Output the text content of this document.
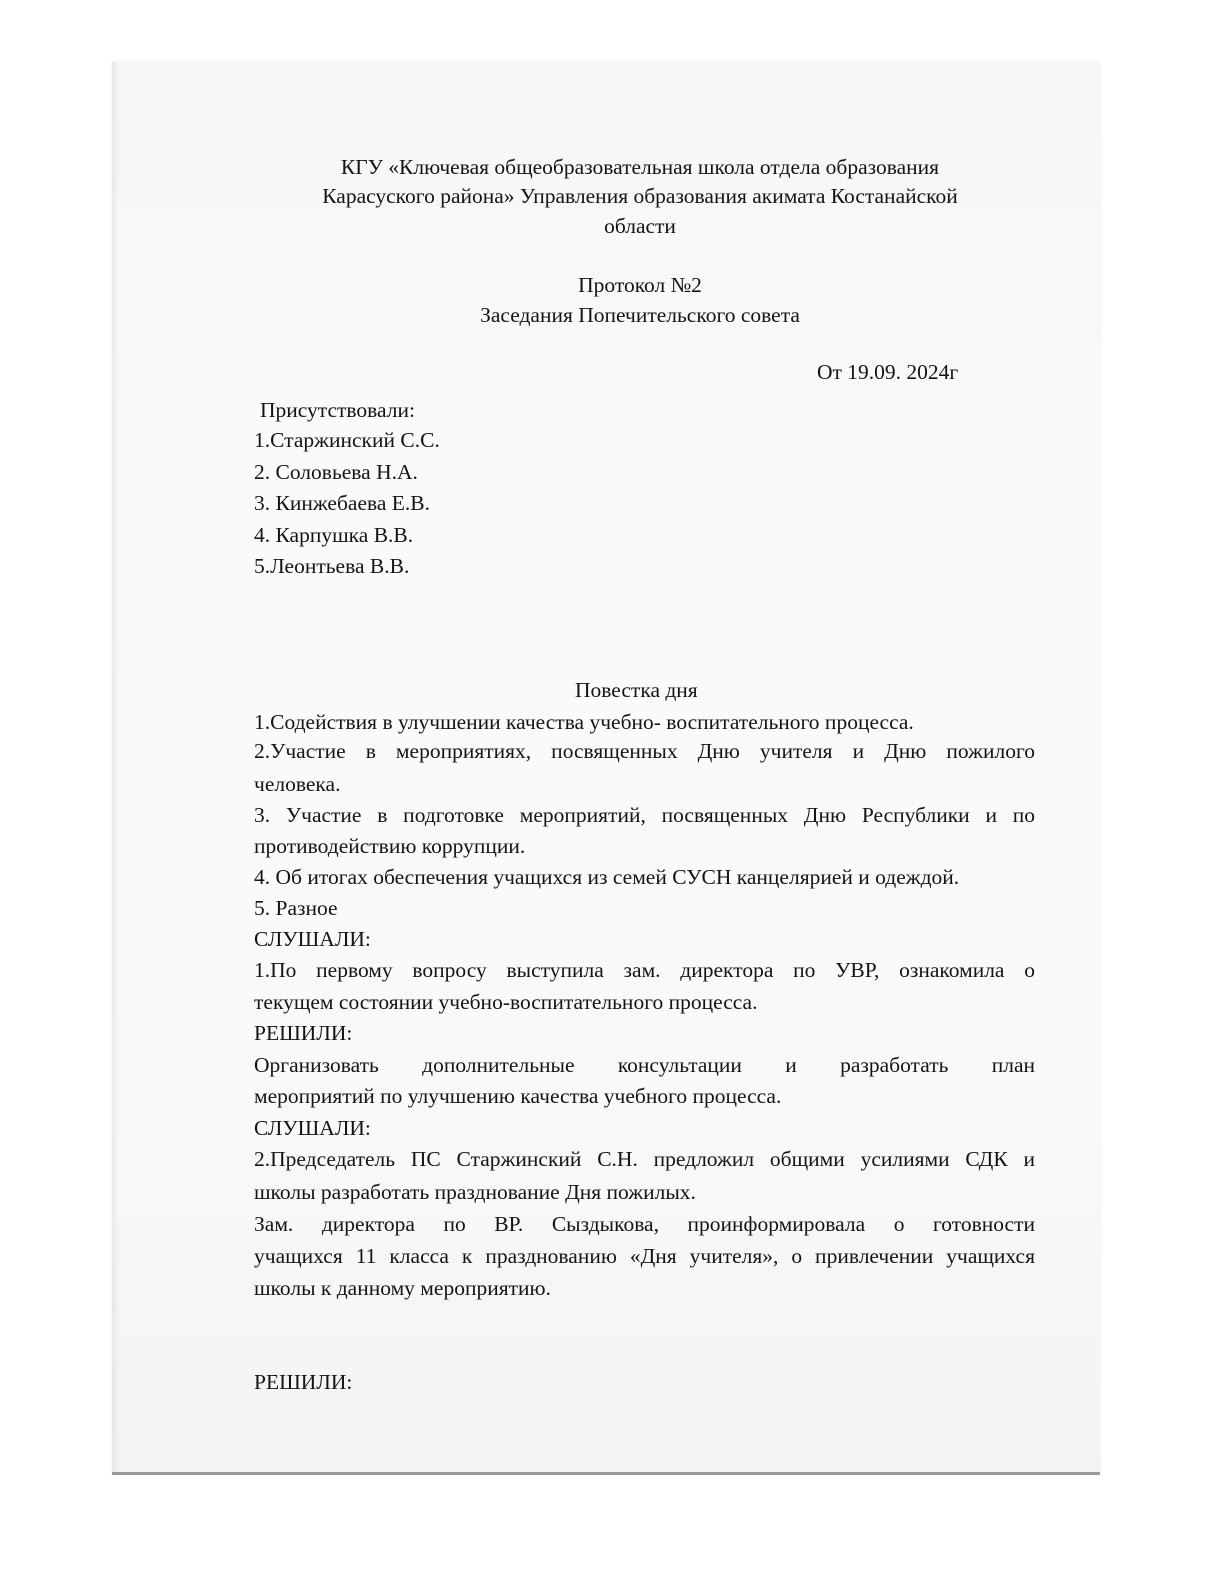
КГУ «Ключевая общеобразовательная школа отдела образования
Карасуского района» Управления образования акимата Костанайской
области
Протокол №2
Заседания Попечительского совета
От 19.09. 2024г
Присутствовали:
1.Старжинский С.С.
2. Соловьева Н.А.
3. Кинжебаева Е.В.
4. Карпушка В.В.
5.Леонтьева В.В.
Повестка дня
1.Содействия в улучшении качества учебно- воспитательного процесса.
2.Участие в мероприятиях, посвященных Дню учителя и Дню пожилого
человека.
3. Участие в подготовке мероприятий, посвященных Дню Республики и по
противодействию коррупции.
4. Об итогах обеспечения учащихся из семей СУСН канцелярией и одеждой.
5. Разное
СЛУШАЛИ:
1.По первому вопросу выступила зам. директора по УВР, ознакомила о
текущем состоянии учебно-воспитательного процесса.
РЕШИЛИ:
Организовать дополнительные консультации и разработать план
мероприятий по улучшению качества учебного процесса.
СЛУШАЛИ:
2.Председатель ПС Старжинский С.Н. предложил общими усилиями СДК и
школы разработать празднование Дня пожилых.
Зам. директора по ВР. Сыздыкова, проинформировала о готовности
учащихся 11 класса к празднованию «Дня учителя», о привлечении учащихся
школы к данному мероприятию.
РЕШИЛИ:
